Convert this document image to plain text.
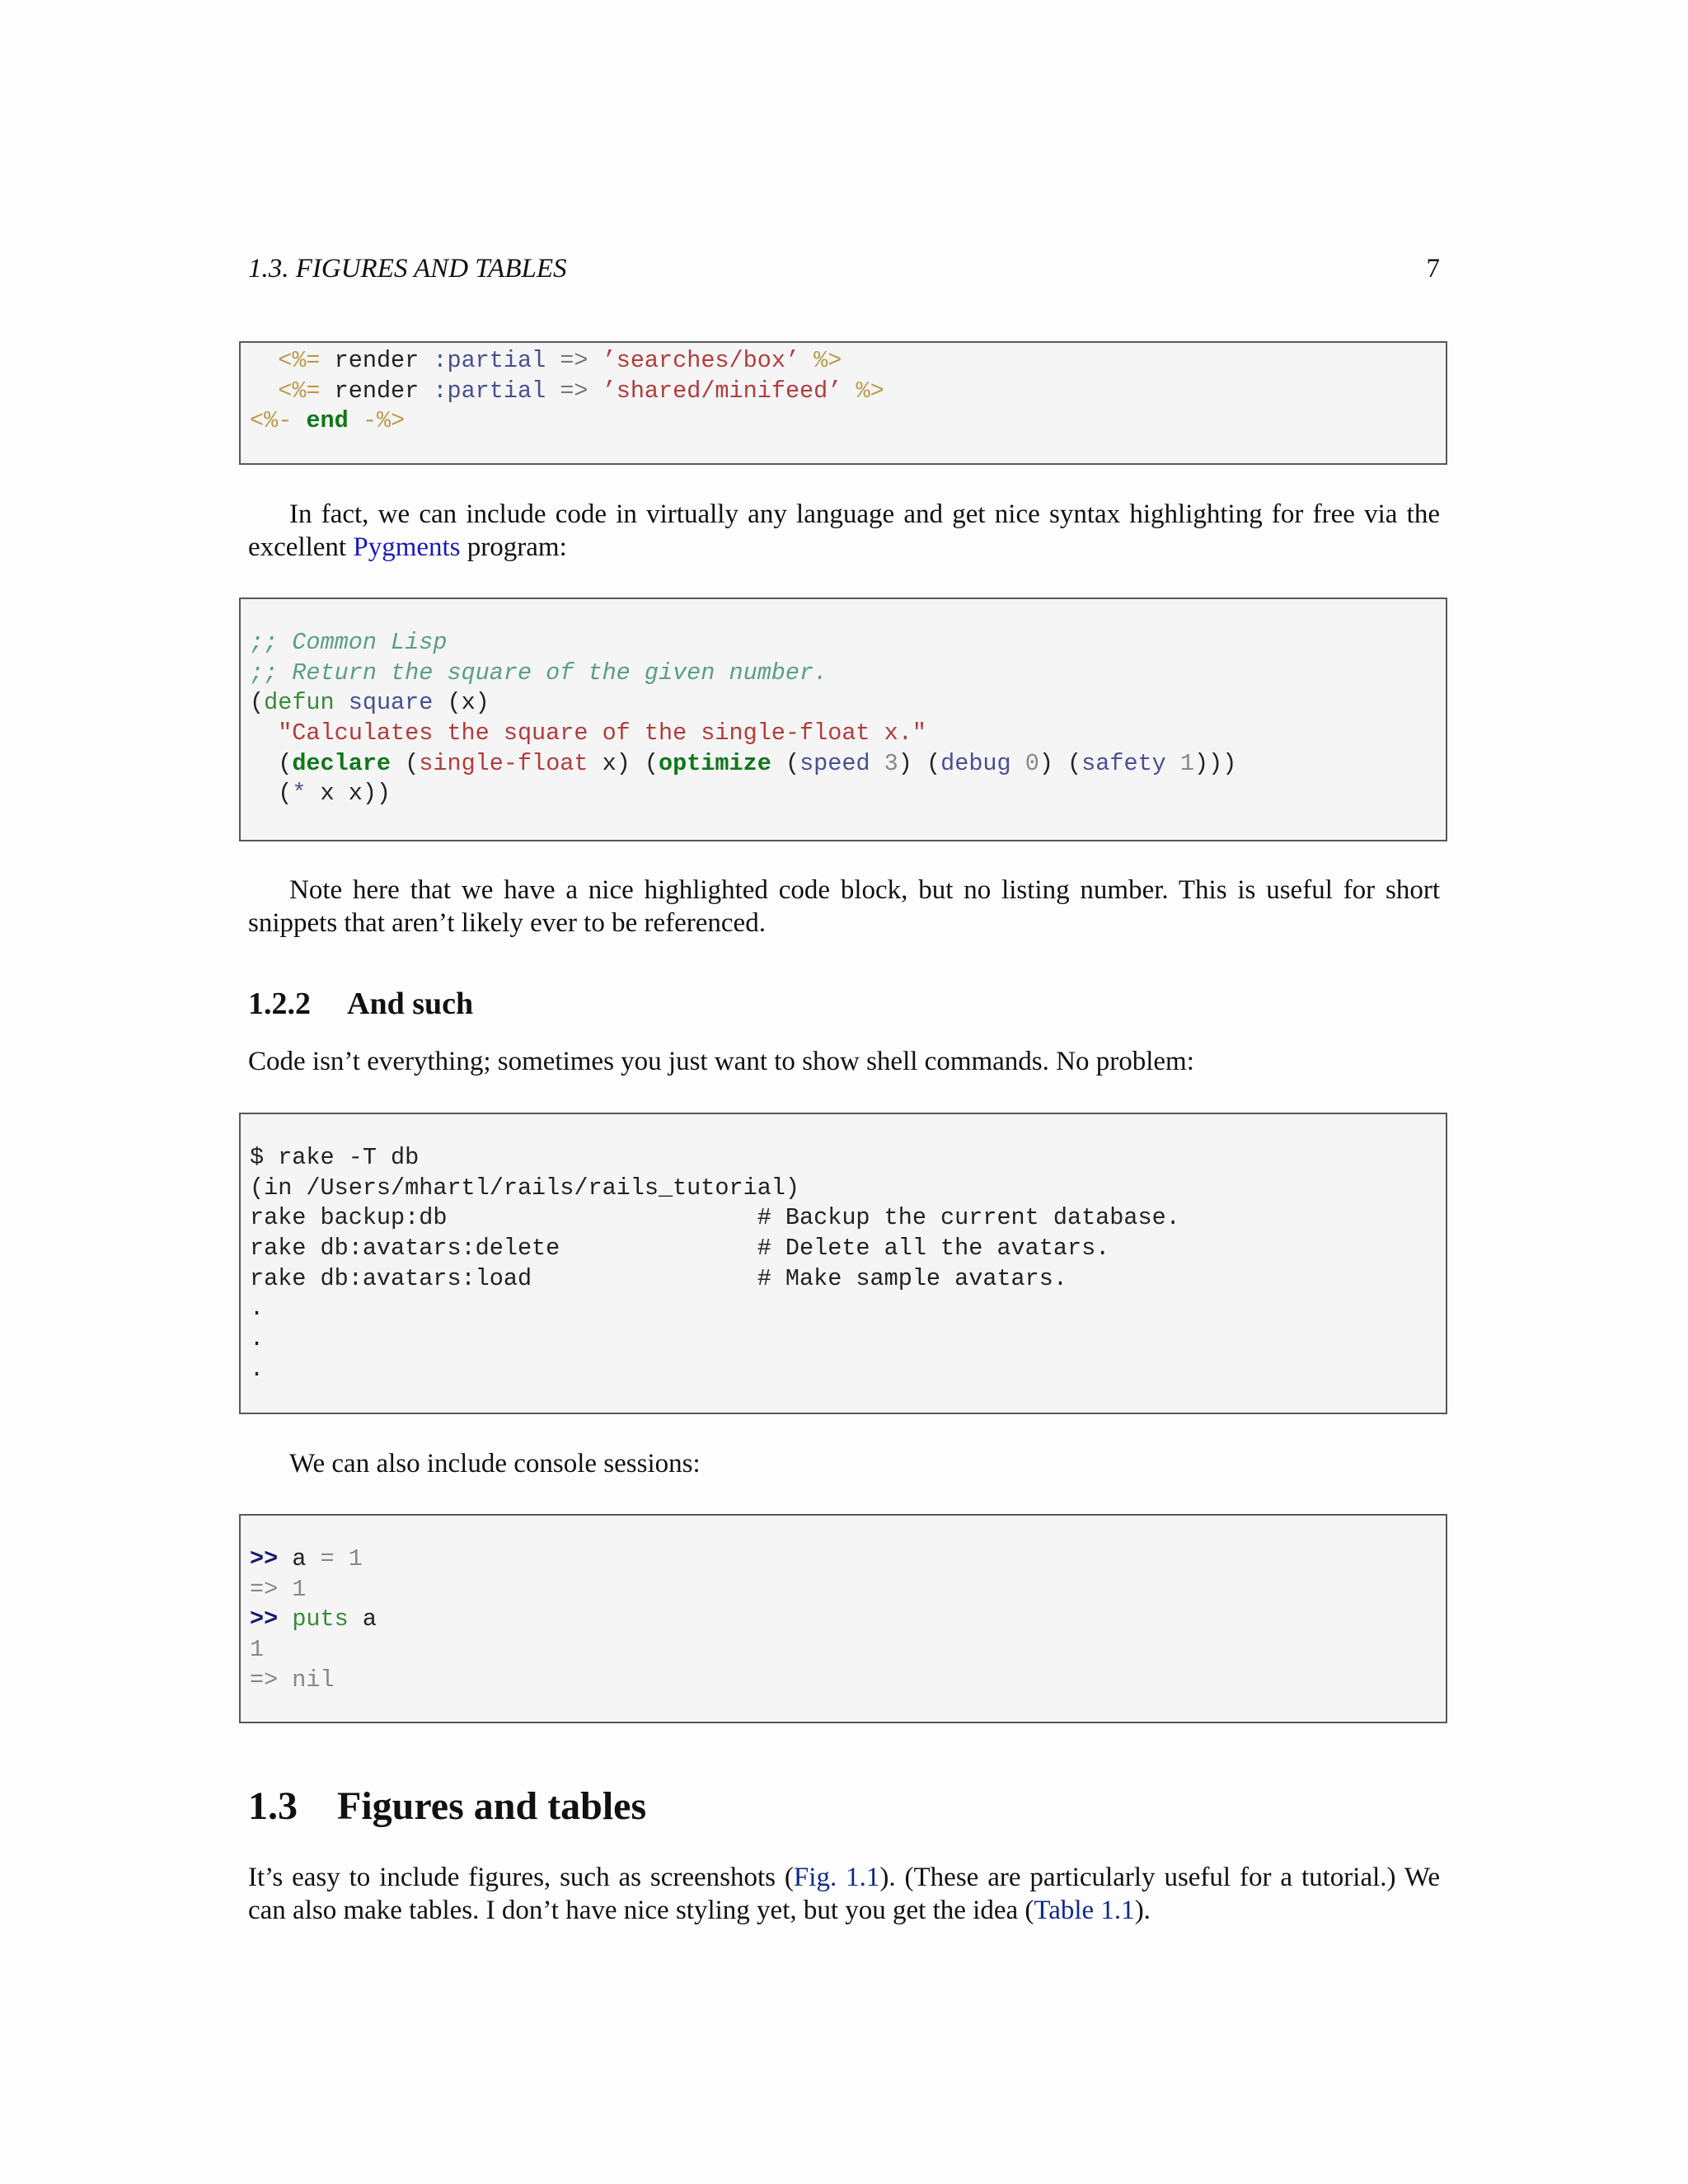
1.3. FIGURES AND TABLES	7
<%= render :partial => ’searches/box’ %>
<%= render :partial => ’shared/minifeed’ %>
<%- end -%>
In fact, we can include code in virtually any language and get nice syntax highlighting for free via the excellent Pygments program:
;; Common Lisp
;; Return the square of the given number.
(defun square (x)
"Calculates the square of the single-float x."
(declare (single-float x) (optimize (speed 3) (debug 0) (safety 1)))
(* x x))
Note here that we have a nice highlighted code block, but no listing number. This is useful for short snippets that aren’t likely ever to be referenced.
1.2.2 And such
Code isn’t everything; sometimes you just want to show shell commands. No problem:
$ rake -T db
(in /Users/mhartl/rails/rails_tutorial)
rake backup:db                      # Backup the current database.
rake db:avatars:delete              # Delete all the avatars.
rake db:avatars:load                # Make sample avatars.
.
.
.
We can also include console sessions:
>> a = 1
=> 1
>> puts a
1
=> nil
1.3 Figures and tables
It’s easy to include figures, such as screenshots (Fig. 1.1). (These are particularly useful for a tutorial.) We can also make tables. I don’t have nice styling yet, but you get the idea (Table 1.1).
